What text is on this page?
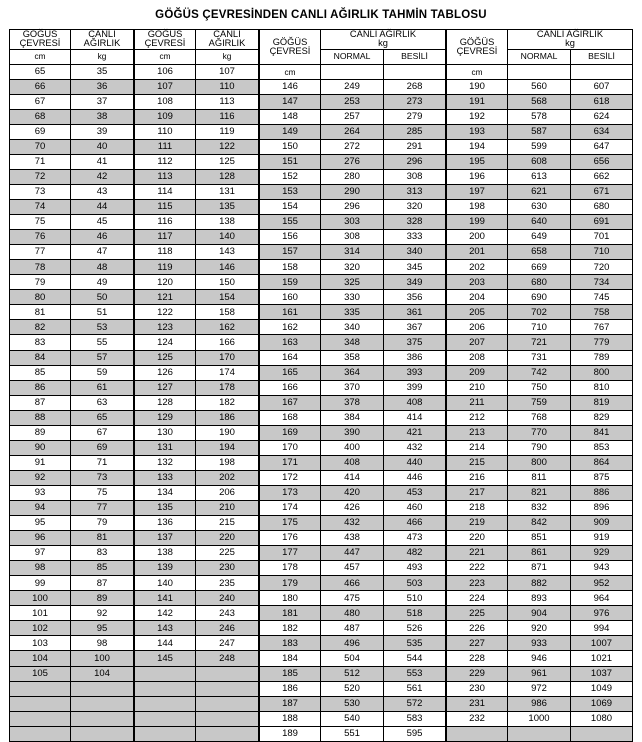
GÖĞÜS ÇEVRESİNDEN CANLI AĞIRLIK TAHMİN TABLOSU
GÖĞÜS ÇEVRESİ	CANLI AĞIRLIK
cm	kg
65	35
66	36
67	37
68	38
69	39
70	40
71	41
72	42
73	43
74	44
75	45
76	46
77	47
78	48
79	49
80	50
81	51
82	53
83	55
84	57
85	59
86	61
87	63
88	65
89	67
90	69
91	71
92	73
93	75
94	77
95	79
96	81
97	83
98	85
99	87
100	89
101	92
102	95
103	98
104	100
105	104

GÖĞÜS ÇEVRESİ	CANLI AĞIRLIK
cm	kg
106	107
107	110
108	113
109	116
110	119
111	122
112	125
113	128
114	131
115	135
116	138
117	140
118	143
119	146
120	150
121	154
122	158
123	162
124	166
125	170
126	174
127	178
128	182
129	186
130	190
131	194
132	198
133	202
134	206
135	210
136	215
137	220
138	225
139	230
140	235
141	240
142	243
143	246
144	247
145	248

GÖĞÜS ÇEVRESİ	CANLI AĞIRLIK
kg	
	NORMAL	BESİLİ
cm		
146	249	268
147	253	273
148	257	279
149	264	285
150	272	291
151	276	296
152	280	308
153	290	313
154	296	320
155	303	328
156	308	333
157	314	340
158	320	345
159	325	349
160	330	356
161	335	361
162	340	367
163	348	375
164	358	386
165	364	393
166	370	399
167	378	408
168	384	414
169	390	421
170	400	432
171	408	440
172	414	446
173	420	453
174	426	460
175	432	466
176	438	473
177	447	482
178	457	493
179	466	503
180	475	510
181	480	518
182	487	526
183	496	535
184	504	544
185	512	553
186	520	561
187	530	572
188	540	583
189	551	595
GÖĞÜS ÇEVRESİ	CANLI AĞIRLIK
kg	
	NORMAL	BESİLİ
cm		
190	560	607
191	568	618
192	578	624
193	587	634
194	599	647
195	608	656
196	613	662
197	621	671
198	630	680
199	640	691
200	649	701
201	658	710
202	669	720
203	680	734
204	690	745
205	702	758
206	710	767
207	721	779
208	731	789
209	742	800
210	750	810
211	759	819
212	768	829
213	770	841
214	790	853
215	800	864
216	811	875
217	821	886
218	832	896
219	842	909
220	851	919
221	861	929
222	871	943
223	882	952
224	893	964
225	904	976
226	920	994
227	933	1007
228	946	1021
229	961	1037
230	972	1049
231	986	1069
232	1000	1080
